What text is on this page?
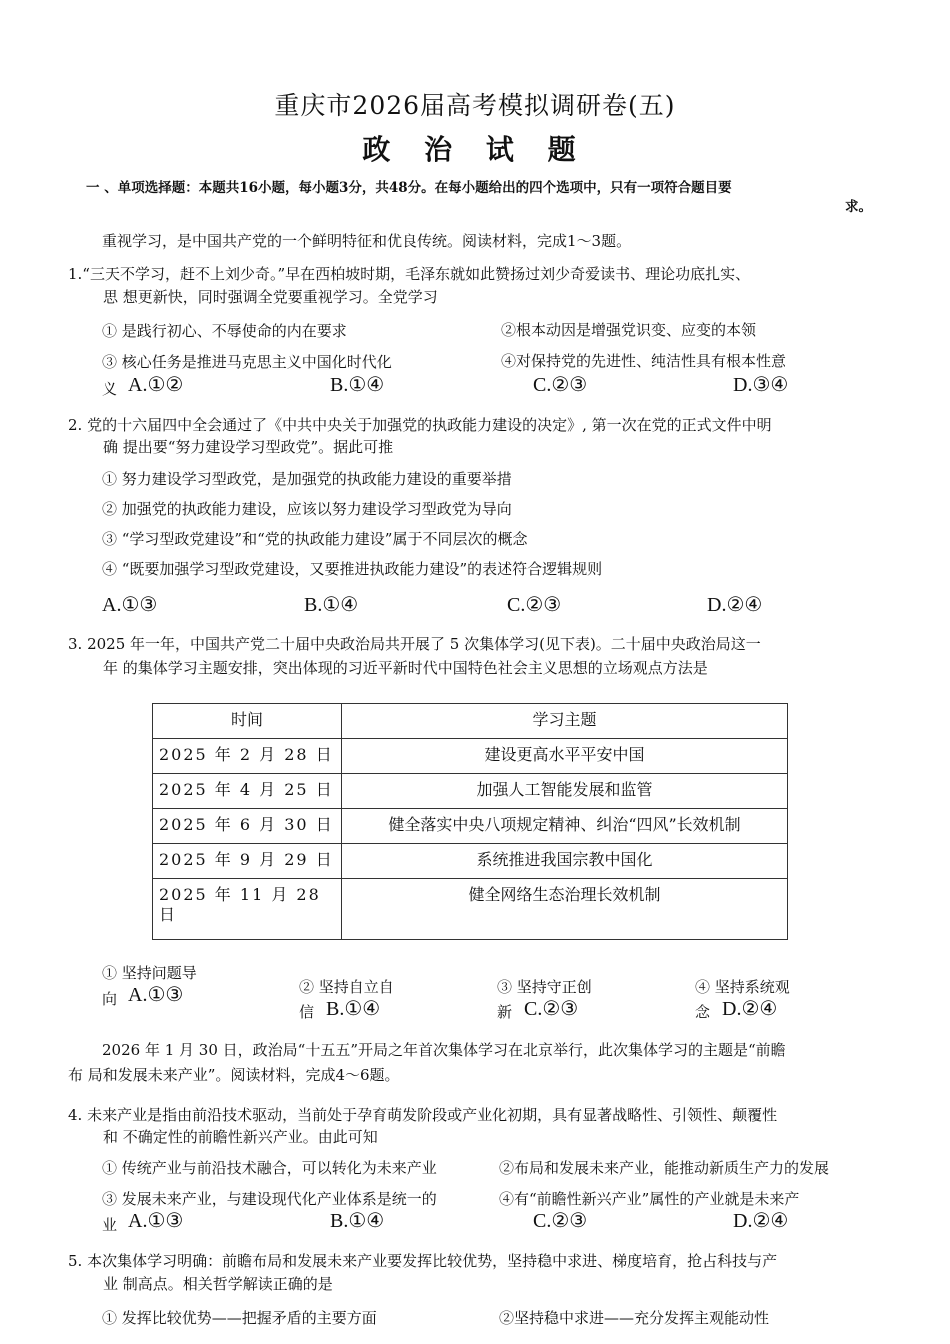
重庆市2026届高考模拟调研卷(五)
政 治 试 题
一 、单项选择题：本题共16小题，每小题3分，共48分。在每小题给出的四个选项中，只有一项符合题目要
求。
重视学习，是中国共产党的一个鲜明特征和优良传统。阅读材料，完成1～3题。
1.“三天不学习，赶不上刘少奇。”早在西柏坡时期，毛泽东就如此赞扬过刘少奇爱读书、理论功底扎实、
思 想更新快，同时强调全党要重视学习。全党学习
① 是践行初心、不辱使命的内在要求	②根本动因是增强党识变、应变的本领
③ 核心任务是推进马克思主义中国化时代化	④对保持党的先进性、纯洁性具有根本性意
义 A.①②	B.①④	C.②③	D.③④
2. 党的十六届四中全会通过了《中共中央关于加强党的执政能力建设的决定》, 第一次在党的正式文件中明
确 提出要“努力建设学习型政党”。据此可推
① 努力建设学习型政党，是加强党的执政能力建设的重要举措
② 加强党的执政能力建设，应该以努力建设学习型政党为导向
③ “学习型政党建设”和“党的执政能力建设”属于不同层次的概念
④ “既要加强学习型政党建设，又要推进执政能力建设”的表述符合逻辑规则
A.①③	B.①④	C.②③	D.②④
3. 2025 年一年，中国共产党二十届中央政治局共开展了 5 次集体学习(见下表)。二十届中央政治局这一
年 的集体学习主题安排，突出体现的习近平新时代中国特色社会主义思想的立场观点方法是
时间	学习主题
2025 年 2 月 28 日	建设更高水平平安中国
2025 年 4 月 25 日	加强人工智能发展和监管
2025 年 6 月 30 日	健全落实中央八项规定精神、纠治“四风”长效机制
2025 年 9 月 29 日	系统推进我国宗教中国化
2025 年 11 月 28 日	健全网络生态治理长效机制
① 坚持问题导
向 A.①③	② 坚持自立自
信 B.①④
③ 坚持守正创
新 C.②③
④ 坚持系统观
念 D.②④
2026 年 1 月 30 日，政治局“十五五”开局之年首次集体学习在北京举行，此次集体学习的主题是“前瞻
布 局和发展未来产业”。阅读材料，完成4～6题。
4. 未来产业是指由前沿技术驱动，当前处于孕育萌发阶段或产业化初期，具有显著战略性、引领性、颠覆性
和 不确定性的前瞻性新兴产业。由此可知
① 传统产业与前沿技术融合，可以转化为未来产业	②布局和发展未来产业，能推动新质生产力的发展
③ 发展未来产业，与建设现代化产业体系是统一的	④有“前瞻性新兴产业”属性的产业就是未来产
业 A.①③	B.①④	C.②③	D.②④
5. 本次集体学习明确：前瞻布局和发展未来产业要发挥比较优势，坚持稳中求进、梯度培育，抢占科技与产
业 制高点。相关哲学解读正确的是
① 发挥比较优势——把握矛盾的主要方面	②坚持稳中求进——充分发挥主观能动性
